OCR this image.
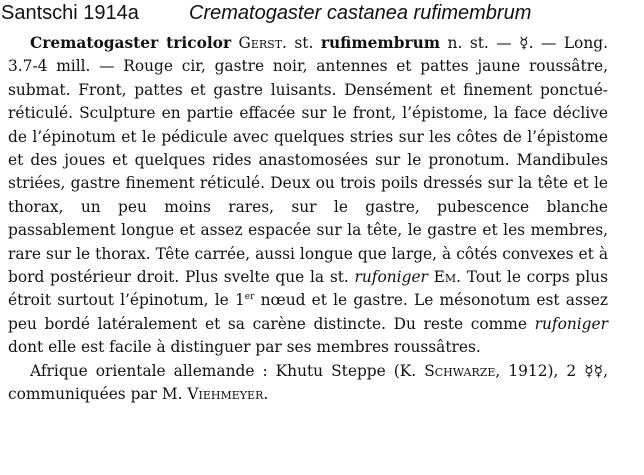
Santschi 1914a	Crematogaster castanea rufimembrum

Crematogaster tricolor Gerst. st. rufimembrum n. st. — ☿. — Long. 3.7-4 mill. — Rouge cir, gastre noir, antennes et pattes jaune roussâtre, submat. Front, pattes et gastre luisants. Densément et finement ponctué-réticulé. Sculpture en partie effacée sur le front, l’épistome, la face déclive de l’épinotum et le pédicule avec quelques stries sur les côtes de l’épistome et des joues et quelques rides anastomosées sur le pronotum. Mandibules striées, gastre finement réticulé. Deux ou trois poils dressés sur la tête et le thorax, un peu moins rares, sur le gastre, pubescence blanche passablement longue et assez espacée sur la tête, le gastre et les membres, rare sur le thorax. Tête carrée, aussi longue que large, à côtés convexes et à bord postérieur droit. Plus svelte que la st. rufoniger Em. Tout le corps plus étroit surtout l’épinotum, le 1er nœud et le gastre. Le mésonotum est assez peu bordé latéralement et sa carène distincte. Du reste comme rufoniger dont elle est facile à distinguer par ses membres roussâtres.

Afrique orientale allemande : Khutu Steppe (K. Schwarze, 1912), 2 ☿☿, communiquées par M. Viehmeyer.
